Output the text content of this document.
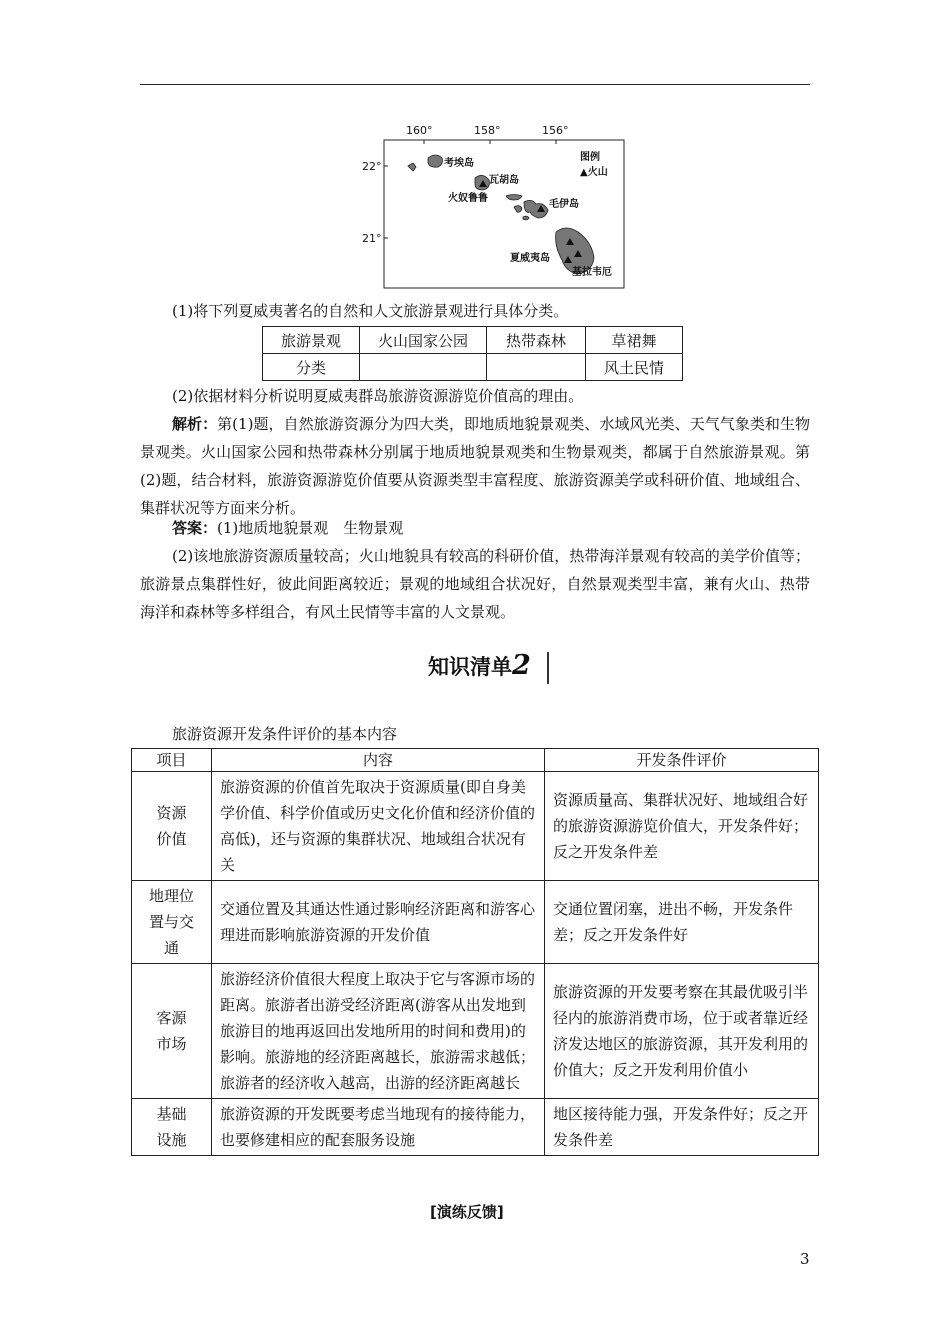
160°	158°	156°
22°
21°
考埃岛
瓦胡岛
火奴鲁鲁
毛伊岛
夏威夷岛
基拉韦厄
图例
▲火山
(1)将下列夏威夷著名的自然和人文旅游景观进行具体分类。
旅游景观	火山国家公园	热带森林	草裙舞
分类			风土民情
(2)依据材料分析说明夏威夷群岛旅游资源游览价值高的理由。
解析：第(1)题，自然旅游资源分为四大类，即地质地貌景观类、水域风光类、天气气象类和生物景观类。火山国家公园和热带森林分别属于地质地貌景观类和生物景观类，都属于自然旅游景观。第(2)题，结合材料，旅游资源游览价值要从资源类型丰富程度、旅游资源美学或科研价值、地域组合、集群状况等方面来分析。
答案：(1)地质地貌景观　生物景观
(2)该地旅游资源质量较高；火山地貌具有较高的科研价值，热带海洋景观有较高的美学价值等；旅游景点集群性好，彼此间距离较近；景观的地域组合状况好，自然景观类型丰富，兼有火山、热带海洋和森林等多样组合，有风土民情等丰富的人文景观。
知识清单2
旅游资源开发条件评价的基本内容
项目	内容	开发条件评价
资源
价值	旅游资源的价值首先取决于资源质量(即自身美学价值、科学价值或历史文化价值和经济价值的高低)，还与资源的集群状况、地域组合状况有关	资源质量高、集群状况好、地域组合好的旅游资源游览价值大，开发条件好；反之开发条件差
地理位
置与交
通	交通位置及其通达性通过影响经济距离和游客心理进而影响旅游资源的开发价值	交通位置闭塞，进出不畅，开发条件差；反之开发条件好
客源
市场	旅游经济价值很大程度上取决于它与客源市场的距离。旅游者出游受经济距离(游客从出发地到旅游目的地再返回出发地所用的时间和费用)的影响。旅游地的经济距离越长，旅游需求越低；旅游者的经济收入越高，出游的经济距离越长	旅游资源的开发要考察在其最优吸引半径内的旅游消费市场，位于或者靠近经济发达地区的旅游资源，其开发利用的价值大；反之开发利用价值小
基础
设施	旅游资源的开发既要考虑当地现有的接待能力，也要修建相应的配套服务设施	地区接待能力强，开发条件好；反之开发条件差
[演练反馈]
3
